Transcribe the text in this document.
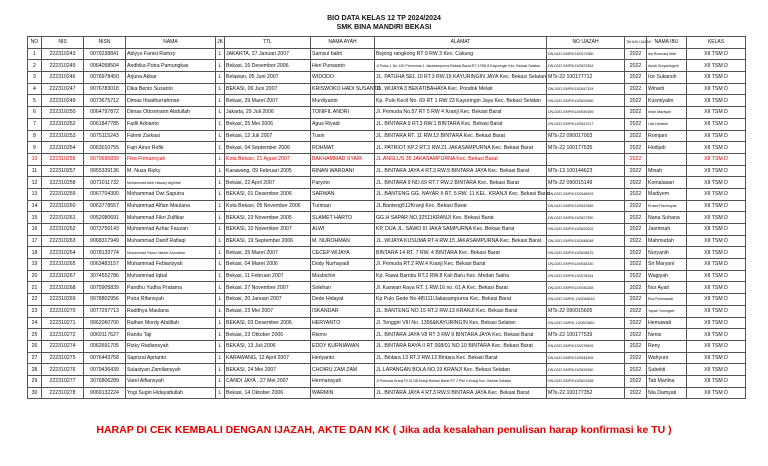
BIO DATA KELAS 12 TP 2024/2024
SMK BINA MANDIRI BEKASI
NO	NIS	NISN	NAMA	JK	TTL	NAMA AYAH	ALAMAT	NO IJAZAH	TAHUN IJAZAH	NAMA IBU	KELAS
1	222310243	0079238841	Abiyyu Fanisi Ramzy	L	JAKARTA, 27 Januari 2007	Samsul bahri	Bojong rangkong RT 9 RW 3 Kec. Cakung	DN-02/D-SMP/K13/0071580	2022	Ika Rosmala Wati	XII TSM D
2	222310245	0064058504	Andhika Putra Pamungkas	L	Bekasi, 16 Desember 2006	Heri Purwanto	Jl Pulau 1 No 130 Perumnas 1 Jakasampurna Bekasi Barat RT 3 RW 8 Kayuringin Kec. Bekasi Selatan	DN-02/D-SMP/K13/0523364	2022	Asiah Suryaningsih	XII TSM D
3	222310246	0076978450	Arjuna Akbar	L	Belawan, 05 Juni 2007	WIDODO	JL. PATUHA SEL 10 RT.3 RW.15 KAYURINGIN JAYA Kec. Bekasi Selatan	MTs-22 100177712	2022	Ice Sukarsih	XII TSM D
4	222310247	0076783018	Dika Bento Susanto	L	BEKASI, 06 Juni 2007	KRISWOKO HADI SUSANTO	JL. WIJAYA 3 BEKATIBAHAYA Kec. Pondok Melati	DN-02/D-SMP/K13/0547324	2022	Winarti	XII TSM D
5	222310249	0073675712	Dimas Ihsathurrahman	L	Bekasi, 29 Maret 2007	Murdiyanto	Kp. Pulo Kecil No. 69 RT 1 RW 23 Kayuringin Jaya Kec. Bekasi Selatan	DN-02/D-SMP/K13/0524560	2022	Kusmiyatin	XII TSM D
6	222310250	0064797872	Dimas Ottosmann Abdullah	L	Jakarta, 29 Juli 2006	TONIFIL ANDRI	Jl. Pemuda No.57 RT 5 RW 4 Kranji Kec. Bekasi Barat	DN-02/D-SMP/K13/0549165	2022	Intan Maziiyah	XII TSM D
7	222310252	0061847785	Fadli Adrianto	L	Bekasi, 25 Mei 2006	Agus Riyadi	JL. BINTARA 9 RT.3 RW.1 BINTARA Kec. Bekasi Barat	DN-02/D-SMP/K13/0547917	2022	Lilis Hartanti	XII TSM D
8	222310253	0075115243	Fahmi Zarkasi	L	Bekasi, 12 Juli 2007	Tusin	JL. BINTARA RT. 11 RW.12 BINTARA Kec. Bekasi Barat	MTs-22 090017003	2022	Romjani	XII TSM D
9	222310254	0063010755	Fajri Ainur Rofik	L	Bekasi, 04 September 2006	ROHMAT	JL. PATRIOT KP.2 RT.3 RW.21 JAKASAMPURNA Kec. Bekasi Barat	MTs-22 100177535	2022	Hodijah	XII TSM D
10	222310255	0079695839	Fiko Firmansyah	L	Kota Bekasi, 21 Agust 2007	BAKHAMMAD SYAIR	JL.ANGLUS 35 JAKASAMPURNA Kec. Bekasi Barat		2022		XII TSM D
11	222310257	0055339136	M. Nusa Rizky	L	Karawang, 09 Februari 2005	RINAN WARDANI	JL. BINTARA JAYA 4 RT.3 RW.9 BINTARA JAYA Kec. Bekasi Barat	MTs-13 100144623	2022	Minah	XII TSM D
12	222310258	0071011732	Muhammad Adib Hawary Alghifari	L	Bekasi, 22 April 2007	Paryoto	JL. BINTARA 9 NO.69 RT.7 RW.2 BINTARA Kec. Bekasi Barat	MTs-22 090015149	2022	Komalasari	XII TSM D
13	222310259	0067704300	Mohammad Dwi Saputra	L	BEKASI, 01 Desember 2006	SARWAN	JL. BANTENG GG. NAYAR II RT. 5 RW. 11 KEL. KRANJI Kec. Bekasi Barat	DN-02/D-SMP/K13/0548093	2022	Madiyem	XII TSM D
14	222310260	0063778557	Muhammad Alfian Maulana	L	Kota Bekasi, 05 November 2006	Turiman	JL Banteng512Kranji Kec. Bekasi Barat	DN-02/D-SMP/K13/0547689	2022	Ernani Rachmyati	XII TSM D
15	222310261	0052080691	Muhammad Fikri Zulfikar	L	BEKASI, 23 November 2005	SLAMET HARTO	GG.H SAPAR NO.32511KRANJI Kec. Bekasi Barat	DN-02/D-SMP/K13/0527350	2022	Nana Suhana	XII TSM D
16	222310262	0073756143	Muhammad Azhar Fauzan	L	BEKASI, 10 November 2007	ALWI	KP. DUA JL. SAWO III JAKA SAMPURNA Kec. Bekasi Barat	DN-02/D-SMP/K13/0520529	2022	Jasminah	XII TSM D
17	222310263	0068317949	Muhammad Danif Rafiaqi	L	BEKASI, 19 September 2006	M. NUROHMAN	JL. WIJAYA KUSUMA RT.4 RW.15 JAKASAMPURNA Kec. Bekasi Barat	DN-02/D-SMP/K13/0548048	2022	Mahmudah	XII TSM D
18	222310264	0078133774	Muhammad Fairuz Nadhir Annufaha	L	Bekasi, 25 Maret 2007	CECEP WIJAYA	BINTARA 14 RT. 7 RW. 4 BINTARA Kec. Bekasi Barat	DN-02/D-SMP/K13/0526875	2022	Nuryanih	XII TSM D
19	222310265	0063483157	Muhammad Febiansyah	L	Bekasi, 04 Maret 2006	Dody Nurhayadi	Jl. Pemuda RT.2 RW.4 Kranji Kec. Bekasi Barat	DN-02/D-SMP/K13/0548330	2022	Sri Maryani	XII TSM D
20	222310267	3074552786	Muhammad Iqbal	L	Bekasi, 11 Februari 2007	Musbichin	Kp. Rawa Bambu RT.2 RW.8 Kali Baru Kec. Medan Satria	DN-02/D-SMP/K13/0076344	2022	Wagiyah	XII TSM D
21	222310268	0075905839	Pandhu Yudha Pratama	L	Bekasi, 27 November 2007	Solehan	Jl. Kaswari Raya RT. 1 RW.16 no. 61 A Kec. Bekasi Barat	DN-02/D-SMP/K13/0046258	2022	Nur Ayati	XII TSM D
22	222310269	0078802956	Putra Rifansyah	L	Bekasi, 20 Januari 2007	Dede Hidayat	Kp Pulo Gede No.48\111\Jakasampurna Kec. Bekasi Barat	DN-02/D-SMP/K-13/0048615	2022	Eka Rohmawati	XII TSM D
23	222310270	0077297713	Radithya Maulana	L	Bekasi, 23 Mei 2007	ISKANDAR	JL. BANTENG NO.15 RT.2 RW.13 KRANJI Kec. Bekasi Barat	MTs-22 090015605	2022	Yayah Yuningsih	XII TSM D
24	222310271	0062060700	Raihan Mordy Abdillah	L	BEKASI, 03 Desember 2006	HERYANTO	Jl. Tenggiri VIII No. 1356&KAYURING!N Kec. Bekasi Selatan	DN-02/D-SMP/K-13/0523652	2022	Hemawati	XII TSM D
25	222310272	0069117627	Randu Taji	L	Bekasi, 23 Oktober 2006	Rismo	JL. BINTARA JAYA V8 RT 3 RW 9 BINTARA JAYA Kec. Bekasi Barat	MTs-22 100177539	2022	Nenis	XII TSM D
26	222310274	0062691705	Rizky Radiansyah	L	BEKASI, 13 Juli 2006	EDDY KURNIAWAN	JL. BINTARA RAYA II RT 008/01 NO 10 BINTARA Kec. Bekasi Barat	DN-02/D-SMP/K13/0076626	2022	Reny	XII TSM D
27	222310275	0076443758	Saprizal Aprianto	L	KARAWANG, 12 April 2007	Heriyanto	JL. Bintara 13 RT.3 RW.13 Bintara Kec. Bekasi Barat	DN-02/D-SMP/K13/0549305	2022	Wahyuni	XII TSM D
28	222310276	0079436439	Sulastyan Zamilansyah	L	BEKASI, 24 Mei 2007	CHOIRU ZAM ZAM	JL.LAPANGAN BOLA NO.19 KRANJI Kec. Bekasi Selatan	DN-02/D-SMP/K13/0526350	2022	Subekti	XII TSM D
29	222310277	3076806289	Varel Alfiansyah	L	CANDI JAYA , 27 Mei 2007	Hermansyah	Jl Pemuda Kranji RI 01/38 Kranji Bekasi Barat RT 2 RW 4 Kranji Kec. Bekasi Selatan	DN-02/D-SMP/K13/0521058	2022	Tati Marlina	XII TSM D
30	222310278	0069132224	Yogi Sugiri Hidayattullah	L	Bekasi, 14 Oktober 2006	WARMIN	JL. BINTARA JAYA 4 RT.3 RW.9 BINTARA JAYA Kec. Bekasi Barat	MTs-22 100177352	2022	Nia Damyati	XII TSM D
HARAP DI CEK KEMBALI DENGAN IJAZAH, AKTE DAN KK ( Jika ada kesalahan penulisan harap konfirmasi ke TU )
